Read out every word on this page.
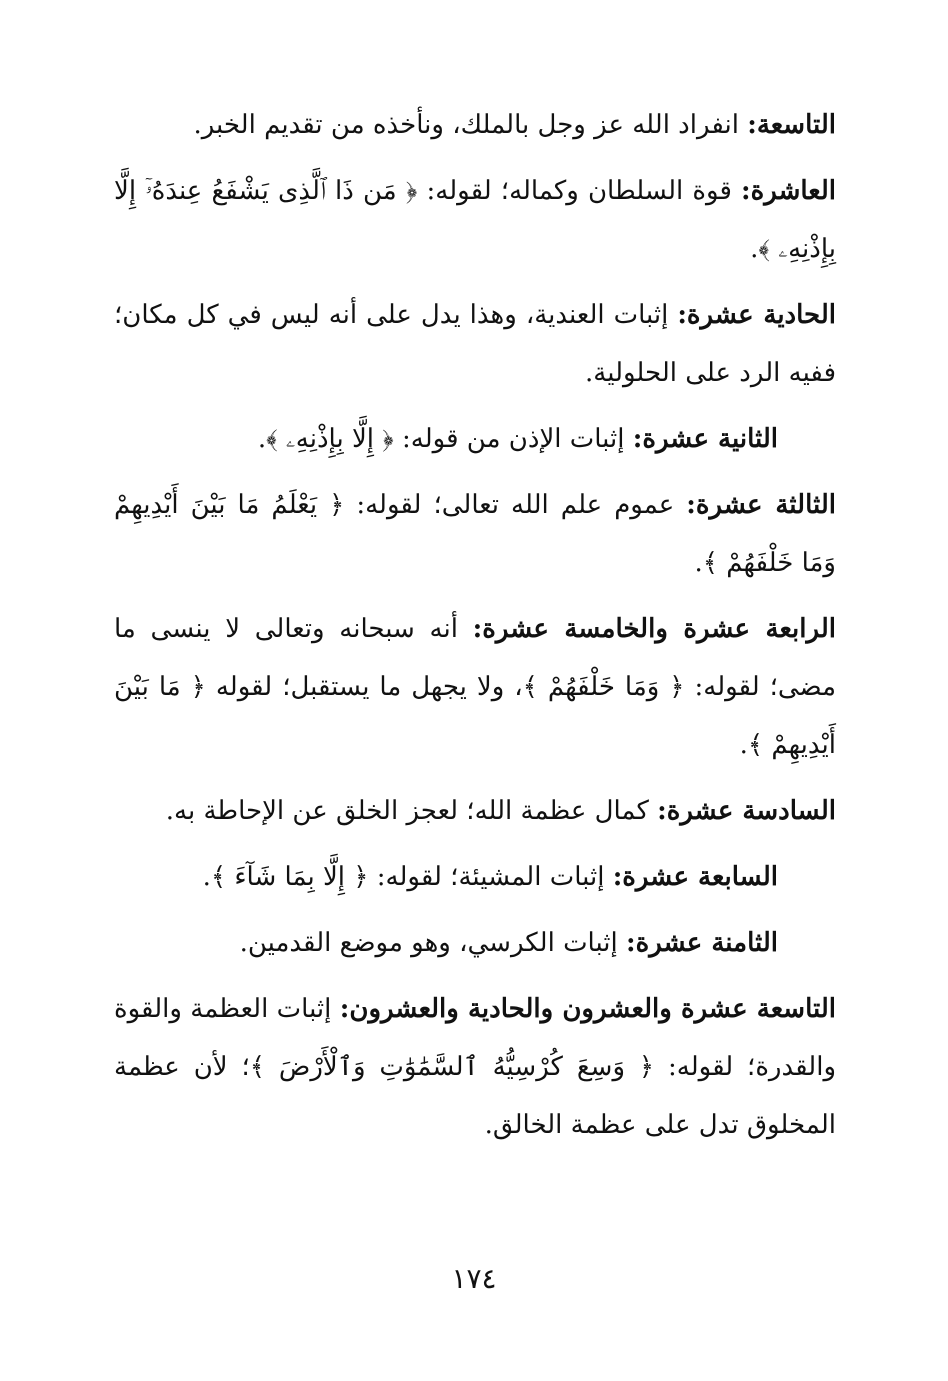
التاسعة: انفراد الله عز وجل بالملك، ونأخذه من تقديم الخبر.

العاشرة: قوة السلطان وكماله؛ لقوله: ﴿ مَن ذَا ٱلَّذِى يَشْفَعُ عِندَهُۥٓ إِلَّا بِإِذْنِهِۦ ﴾.

الحادية عشرة: إثبات العندية، وهذا يدل على أنه ليس في كل مكان؛ ففيه الرد على الحلولية.

الثانية عشرة: إثبات الإذن من قوله: ﴿ إِلَّا بِإِذْنِهِۦ ﴾.

الثالثة عشرة: عموم علم الله تعالى؛ لقوله: ﴿ يَعْلَمُ مَا بَيْنَ أَيْدِيهِمْ وَمَا خَلْفَهُمْ ﴾.

الرابعة عشرة والخامسة عشرة: أنه سبحانه وتعالى لا ينسى ما مضى؛ لقوله: ﴿ وَمَا خَلْفَهُمْ ﴾، ولا يجهل ما يستقبل؛ لقوله ﴿ مَا بَيْنَ أَيْدِيهِمْ ﴾.

السادسة عشرة: كمال عظمة الله؛ لعجز الخلق عن الإحاطة به.

السابعة عشرة: إثبات المشيئة؛ لقوله: ﴿ إِلَّا بِمَا شَآءَ ﴾.

الثامنة عشرة: إثبات الكرسي، وهو موضع القدمين.

التاسعة عشرة والعشرون والحادية والعشرون: إثبات العظمة والقوة والقدرة؛ لقوله: ﴿ وَسِعَ كُرْسِيُّهُ ٱلسَّمَٰوَٰتِ وَٱلْأَرْضَ ﴾؛ لأن عظمة المخلوق تدل على عظمة الخالق.

١٧٤
